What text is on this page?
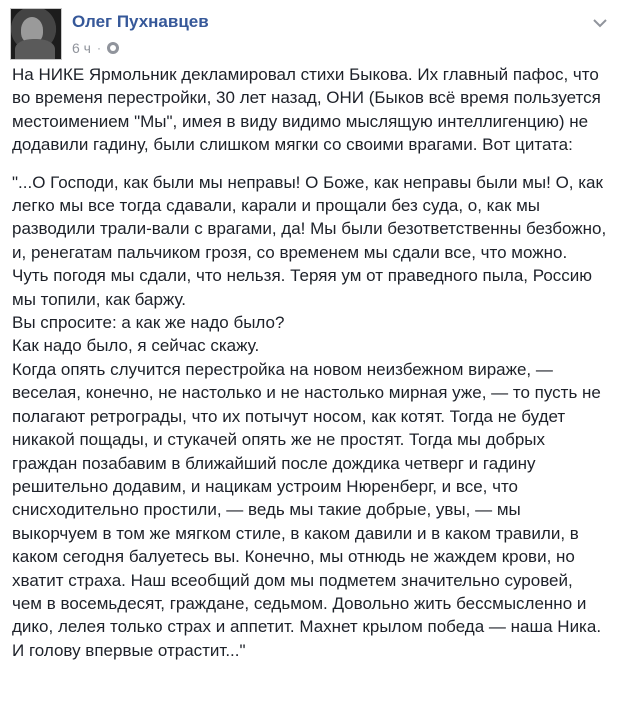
Олег Пухнавцев
6 ч ·

На НИКЕ Ярмольник декламировал стихи Быкова. Их главный пафос, что во временя перестройки, 30 лет назад, ОНИ (Быков всё время пользуется местоимением "Мы", имея в виду видимо мыслящую интеллигенцию) не додавили гадину, были слишком мягки со своими врагами. Вот цитата:

"...О Господи, как были мы неправы! О Боже, как неправы были мы! О, как легко мы все тогда сдавали, карали и прощали без суда, о, как мы разводили трали-вали с врагами, да! Мы были безответственны безбожно, и, ренегатам пальчиком грозя, со временем мы сдали все, что можно. Чуть погодя мы сдали, что нельзя. Теряя ум от праведного пыла, Россию мы топили, как баржу.

Вы спросите: а как же надо было?

Как надо было, я сейчас скажу.

Когда опять случится перестройка на новом неизбежном вираже, — веселая, конечно, не настолько и не настолько мирная уже, — то пусть не полагают ретрограды, что их потычут носом, как котят. Тогда не будет никакой пощады, и стукачей опять же не простят. Тогда мы добрых граждан позабавим в ближайший после дождика четверг и гадину решительно додавим, и нацикам устроим Нюренберг, и все, что снисходительно простили, — ведь мы такие добрые, увы, — мы выкорчуем в том же мягком стиле, в каком давили и в каком травили, в каком сегодня балуетесь вы. Конечно, мы отнюдь не жаждем крови, но хватит страха. Наш всеобщий дом мы подметем значительно суровей, чем в восемьдесят, граждане, седьмом. Довольно жить бессмысленно и дико, лелея только страх и аппетит. Махнет крылом победа — наша Ника. И голову впервые отрастит..."
